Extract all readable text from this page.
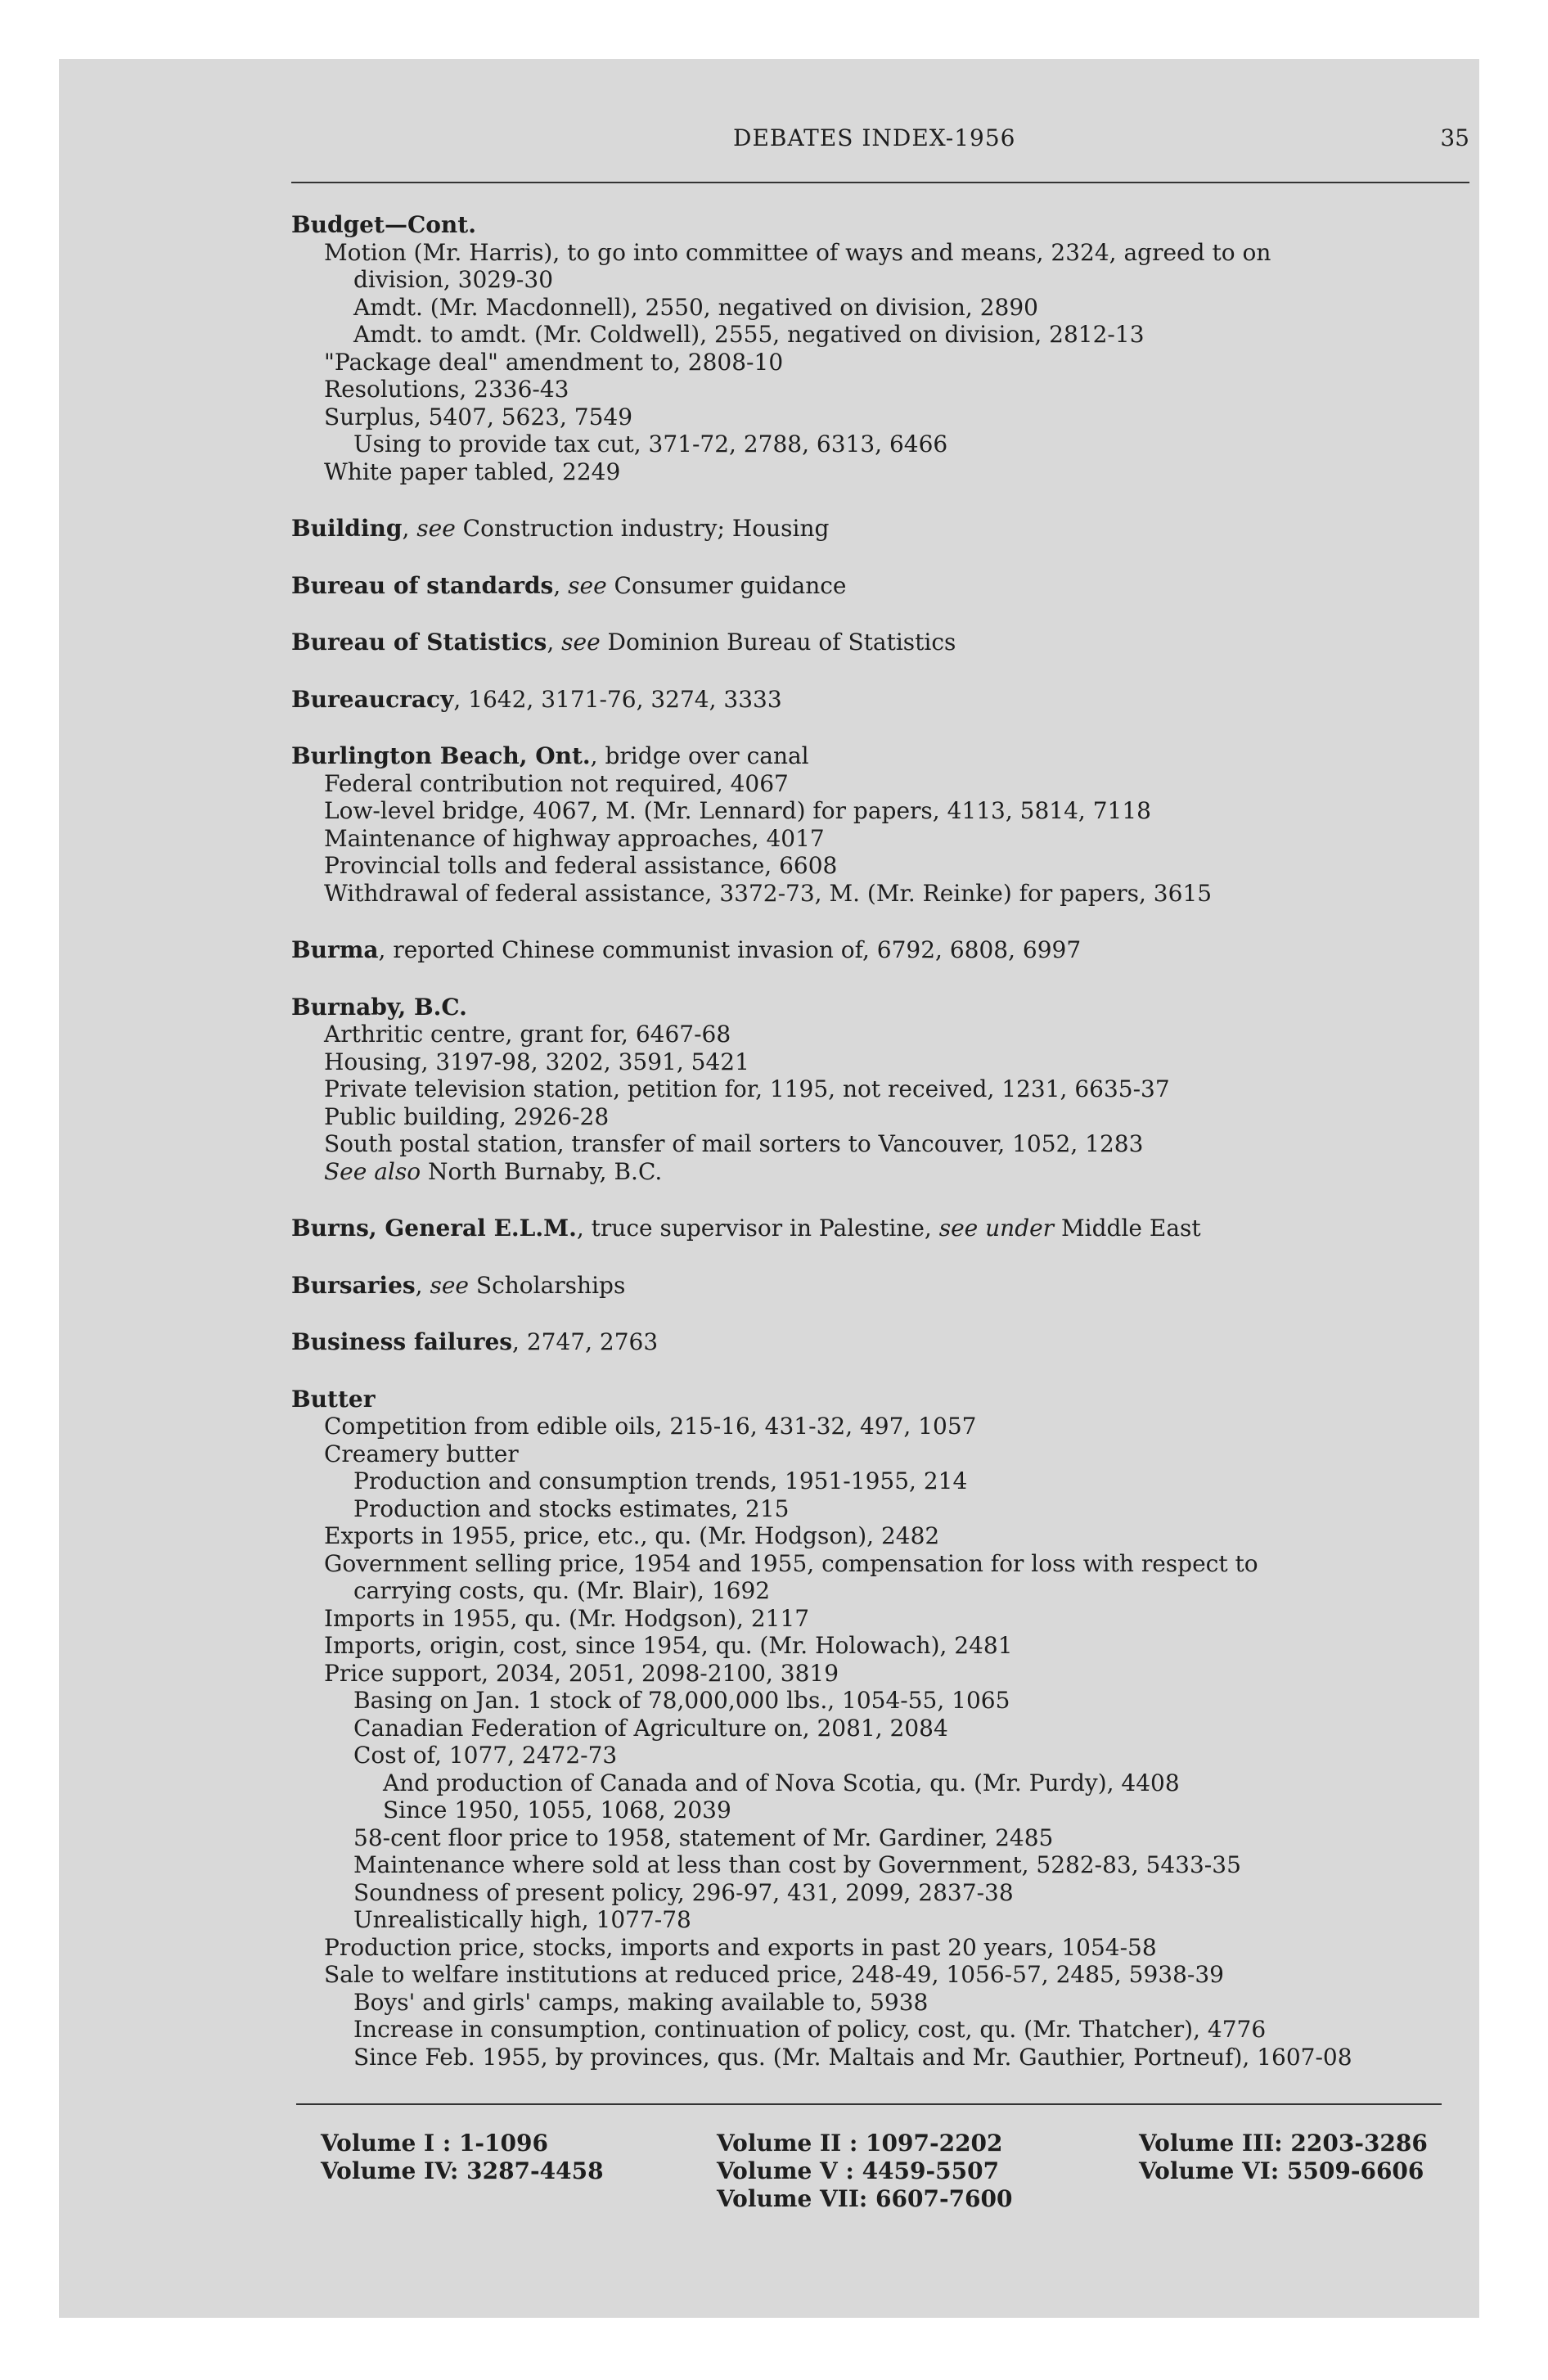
DEBATES INDEX-1956	35
Budget—Cont.
Motion (Mr. Harris), to go into committee of ways and means, 2324, agreed to on
division, 3029-30
Amdt. (Mr. Macdonnell), 2550, negatived on division, 2890
Amdt. to amdt. (Mr. Coldwell), 2555, negatived on division, 2812-13
"Package deal" amendment to, 2808-10
Resolutions, 2336-43
Surplus, 5407, 5623, 7549
Using to provide tax cut, 371-72, 2788, 6313, 6466
White paper tabled, 2249
Building, see Construction industry; Housing
Bureau of standards, see Consumer guidance
Bureau of Statistics, see Dominion Bureau of Statistics
Bureaucracy, 1642, 3171-76, 3274, 3333
Burlington Beach, Ont., bridge over canal
Federal contribution not required, 4067
Low-level bridge, 4067, M. (Mr. Lennard) for papers, 4113, 5814, 7118
Maintenance of highway approaches, 4017
Provincial tolls and federal assistance, 6608
Withdrawal of federal assistance, 3372-73, M. (Mr. Reinke) for papers, 3615
Burma, reported Chinese communist invasion of, 6792, 6808, 6997
Burnaby, B.C.
Arthritic centre, grant for, 6467-68
Housing, 3197-98, 3202, 3591, 5421
Private television station, petition for, 1195, not received, 1231, 6635-37
Public building, 2926-28
South postal station, transfer of mail sorters to Vancouver, 1052, 1283
See also North Burnaby, B.C.
Burns, General E.L.M., truce supervisor in Palestine, see under Middle East
Bursaries, see Scholarships
Business failures, 2747, 2763
Butter
Competition from edible oils, 215-16, 431-32, 497, 1057
Creamery butter
Production and consumption trends, 1951-1955, 214
Production and stocks estimates, 215
Exports in 1955, price, etc., qu. (Mr. Hodgson), 2482
Government selling price, 1954 and 1955, compensation for loss with respect to
carrying costs, qu. (Mr. Blair), 1692
Imports in 1955, qu. (Mr. Hodgson), 2117
Imports, origin, cost, since 1954, qu. (Mr. Holowach), 2481
Price support, 2034, 2051, 2098-2100, 3819
Basing on Jan. 1 stock of 78,000,000 lbs., 1054-55, 1065
Canadian Federation of Agriculture on, 2081, 2084
Cost of, 1077, 2472-73
And production of Canada and of Nova Scotia, qu. (Mr. Purdy), 4408
Since 1950, 1055, 1068, 2039
58-cent floor price to 1958, statement of Mr. Gardiner, 2485
Maintenance where sold at less than cost by Government, 5282-83, 5433-35
Soundness of present policy, 296-97, 431, 2099, 2837-38
Unrealistically high, 1077-78
Production price, stocks, imports and exports in past 20 years, 1054-58
Sale to welfare institutions at reduced price, 248-49, 1056-57, 2485, 5938-39
Boys' and girls' camps, making available to, 5938
Increase in consumption, continuation of policy, cost, qu. (Mr. Thatcher), 4776
Since Feb. 1955, by provinces, qus. (Mr. Maltais and Mr. Gauthier, Portneuf), 1607-08
Volume I : 1-1096
Volume IV: 3287-4458
Volume II : 1097-2202
Volume V : 4459-5507
Volume VII: 6607-7600
Volume III: 2203-3286
Volume VI: 5509-6606
